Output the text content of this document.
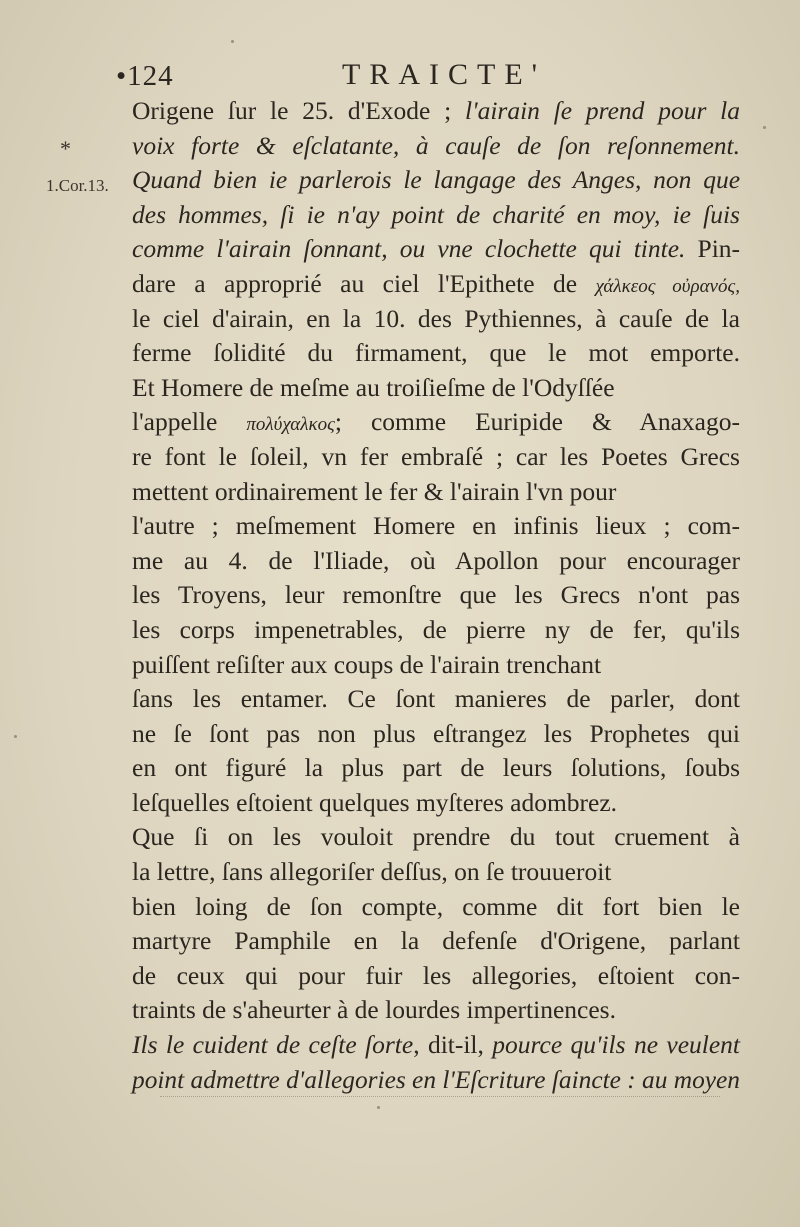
•124	TRAICTE'
*
1.Cor.13.
Origene ſur le 25. d'Exode ; l'airain ſe prend pour la
voix forte & eſclatante, à cauſe de ſon reſonnement.
Quand bien ie parlerois le langage des Anges, non que
des hommes, ſi ie n'ay point de charité en moy, ie ſuis
comme l'airain ſonnant, ou vne clochette qui tinte. Pin-
dare a approprié au ciel l'Epithete de χάλκεος οὐρανός,
le ciel d'airain, en la 10. des Pythiennes, à cauſe de la
ferme ſolidité du firmament, que le mot emporte.
Et Homere de meſme au troiſieſme de l'Odyſſée
l'appelle πολύχαλκος; comme Euripide & Anaxago-
re font le ſoleil, vn fer embraſé ; car les Poetes Grecs
mettent ordinairement le fer & l'airain l'vn pour
l'autre ; meſmement Homere en infinis lieux ; com-
me au 4. de l'Iliade, où Apollon pour encourager
les Troyens, leur remonſtre que les Grecs n'ont pas
les corps impenetrables, de pierre ny de fer, qu'ils
puiſſent reſiſter aux coups de l'airain trenchant
ſans les entamer. Ce ſont manieres de parler, dont
ne ſe ſont pas non plus eſtrangez les Prophetes qui
en ont figuré la plus part de leurs ſolutions, ſoubs
leſquelles eſtoient quelques myſteres adombrez.
Que ſi on les vouloit prendre du tout cruement à
la lettre, ſans allegoriſer deſſus, on ſe trouueroit
bien loing de ſon compte, comme dit fort bien le
martyre Pamphile en la defenſe d'Origene, parlant
de ceux qui pour fuir les allegories, eſtoient con-
traints de s'aheurter à de lourdes impertinences.
Ils le cuident de ceſte ſorte, dit-il, pource qu'ils ne veulent
point admettre d'allegories en l'Eſcriture ſaincte : au moyen
